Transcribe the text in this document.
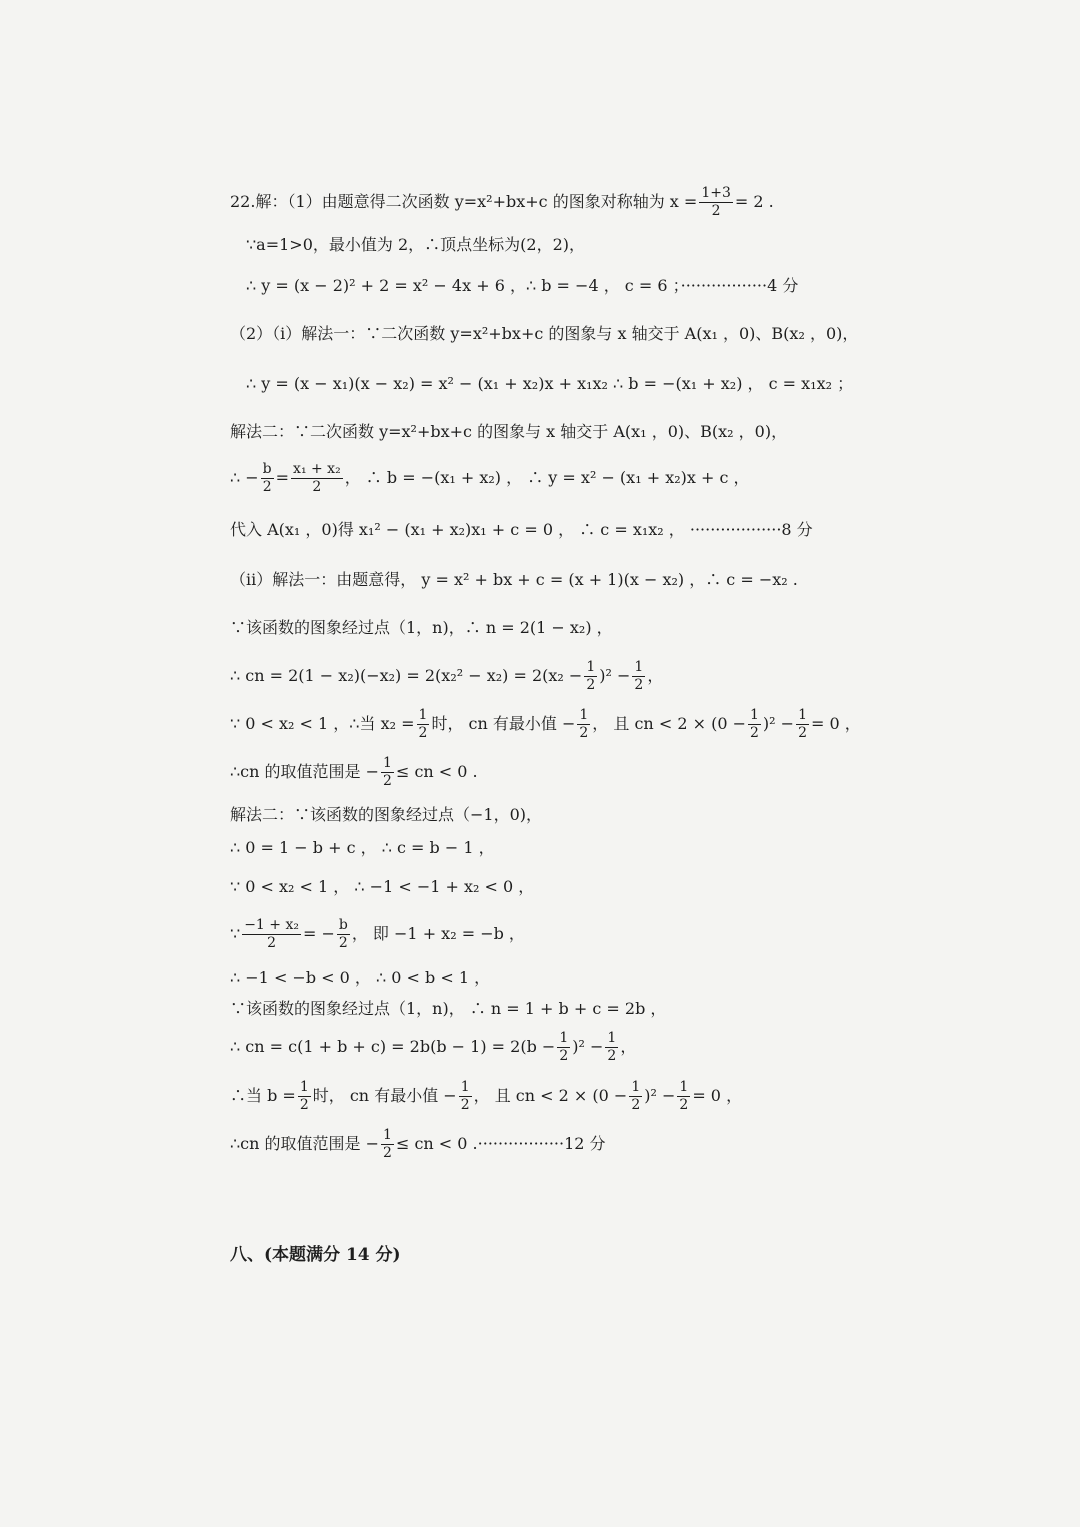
22.解：（1）由题意得二次函数 y=x²+bx+c 的图象对称轴为 $x = \frac{1+3}{2} = 2$ .
∵a=1>0，最小值为 2，∴顶点坐标为(2，2)，
∴ y = (x − 2)² + 2 = x² − 4x + 6 ，∴ b = −4 ， c = 6 ；·················4 分
（2）（i）解法一：∵二次函数 y=x²+bx+c 的图象与 x 轴交于 A(x₁ ，0)、B(x₂ ，0)，
∴ y = (x − x₁)(x − x₂) = x² − (x₁ + x₂)x + x₁x₂ ∴ b = −(x₁ + x₂) ， c = x₁x₂ ；
解法二：∵二次函数 y=x²+bx+c 的图象与 x 轴交于 A(x₁ ，0)、B(x₂ ，0)，
∴ − $\frac{b}{2} = \frac{\text{x₁ + x₂}}{2}$ ， ∴ b = −(x₁ + x₂) ， ∴ y = x² − (x₁ + x₂)x + c ，
代入 A(x₁ ，0)得 x₁² − (x₁ + x₂)x₁ + c = 0 ， ∴ c = x₁x₂ ， ··················8 分
（ii）解法一：由题意得， y = x² + bx + c = (x + 1)(x − x₂) ，∴ c = −x₂ .
∵该函数的图象经过点（1，n)，∴ n = 2(1 − x₂) ，
∴ cn = $2(1 - x_2)(-x_2) = 2(x_2^2 - x_2) = 2(x_2 - \frac{1}{2} )^2 - \frac{1}{2}$ ，
∵ 0 < x₂ < 1 ，∴当 $x_2 = \frac{1}{2}$ 时， cn 有最小值 − $\frac{1}{2}$ ， 且 cn < $2 \times (0 - \frac{1}{2} )^2 - \frac{1}{2} = 0$ ，
∴cn 的取值范围是 − $\frac{1}{2}$ ≤ cn < 0 .
解法二：∵该函数的图象经过点（−1，0)，
∴ 0 = 1 − b + c ， ∴ c = b − 1 ，
∵ 0 < x₂ < 1 ， ∴ −1 < −1 + x₂ < 0 ，
∵ $\frac{\text{−1 + x₂}}{2}$ = − $\frac{b}{2}$ ， 即 −1 + x₂ = −b ，
∴ −1 < −b < 0 ， ∴ 0 < b < 1 ，
∵该函数的图象经过点（1，n)， ∴ n = 1 + b + c = 2b ，
∴ cn = $c(1 + b + c) = 2b(b - 1) = 2(b - \frac{1}{2} )^2 - \frac{1}{2}$ ，
∴当 $b = \frac{1}{2}$ 时， cn 有最小值 − $\frac{1}{2}$ ， 且 cn < $2 \times (0 - \frac{1}{2} )^2 - \frac{1}{2} = 0$ ，
∴cn 的取值范围是 − $\frac{1}{2}$ ≤ cn < 0 .·················12 分
八、(本题满分 14 分)
